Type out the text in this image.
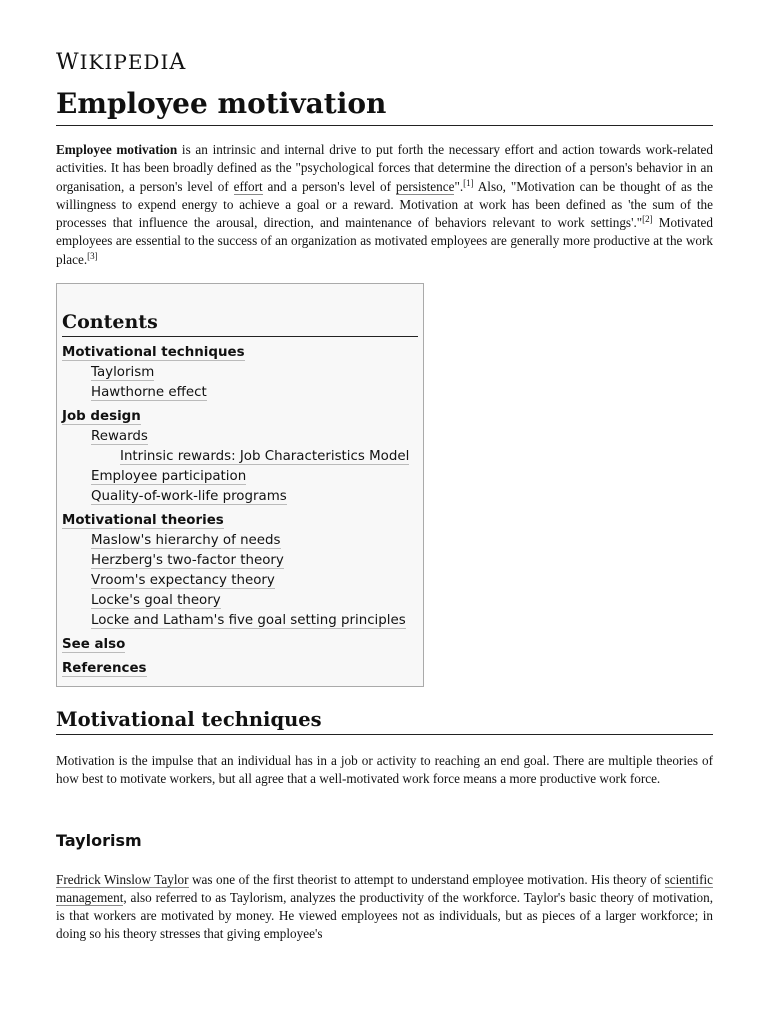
WIKIPEDIA
Employee motivation

Employee motivation is an intrinsic and internal drive to put forth the necessary effort and action towards work-related activities. It has been broadly defined as the "psychological forces that determine the direction of a person's behavior in an organisation, a person's level of effort and a person's level of persistence".[1] Also, "Motivation can be thought of as the willingness to expend energy to achieve a goal or a reward. Motivation at work has been defined as 'the sum of the processes that influence the arousal, direction, and maintenance of behaviors relevant to work settings'."[2] Motivated employees are essential to the success of an organization as motivated employees are generally more productive at the work place.[3]

Contents
Motivational techniques
Taylorism
Hawthorne effect
Job design
Rewards
Intrinsic rewards: Job Characteristics Model
Employee participation
Quality-of-work-life programs
Motivational theories
Maslow's hierarchy of needs
Herzberg's two-factor theory
Vroom's expectancy theory
Locke's goal theory
Locke and Latham's five goal setting principles
See also
References
Motivational techniques

Motivation is the impulse that an individual has in a job or activity to reaching an end goal. There are multiple theories of how best to motivate workers, but all agree that a well-motivated work force means a more productive work force.

Taylorism

Fredrick Winslow Taylor was one of the first theorist to attempt to understand employee motivation. His theory of scientific management, also referred to as Taylorism, analyzes the productivity of the workforce. Taylor's basic theory of motivation, is that workers are motivated by money. He viewed employees not as individuals, but as pieces of a larger workforce; in doing so his theory stresses that giving employee's
